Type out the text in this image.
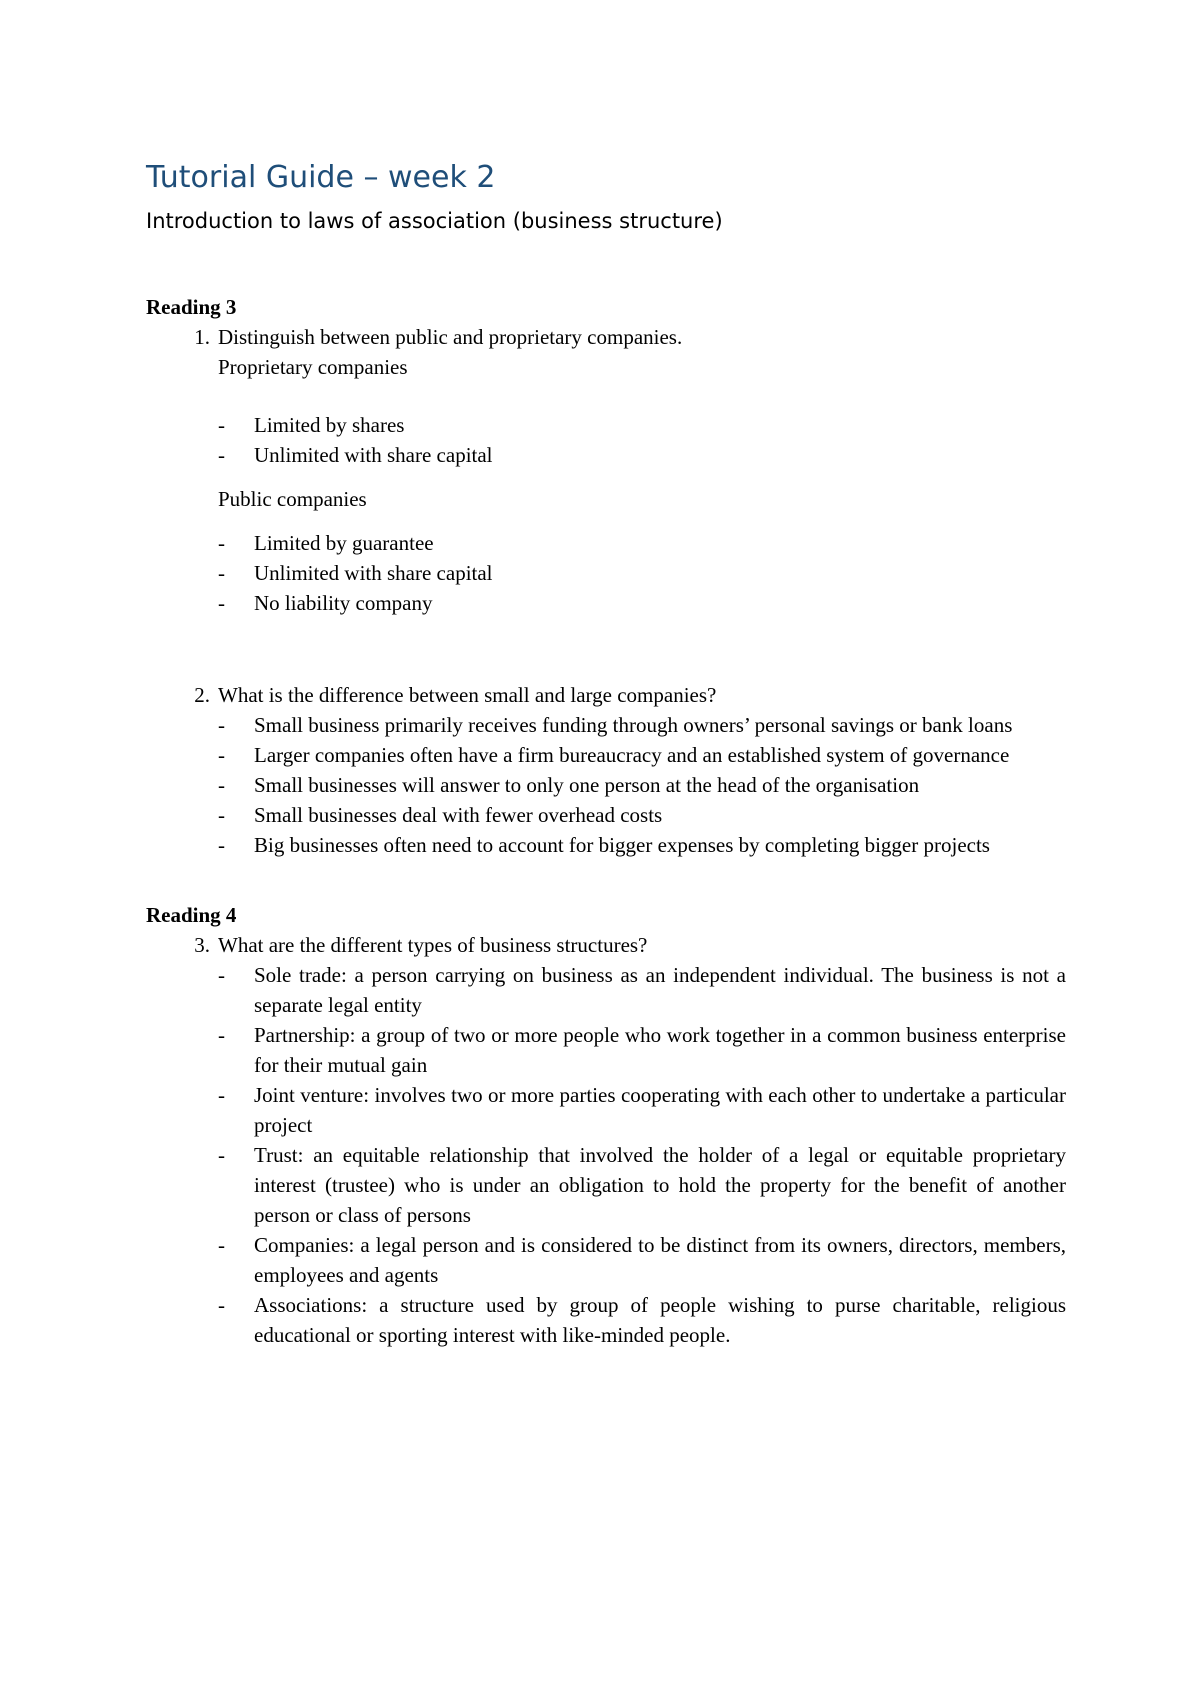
Tutorial Guide – week 2
Introduction to laws of association (business structure)

Reading 3

1. Distinguish between public and proprietary companies.
Proprietary companies
-	Limited by shares
-	Unlimited with share capital
Public companies
-	Limited by guarantee
-	Unlimited with share capital
-	No liability company
2. What is the difference between small and large companies?
-	Small business primarily receives funding through owners’ personal savings or bank loans
-	Larger companies often have a firm bureaucracy and an established system of governance
-	Small businesses will answer to only one person at the head of the organisation
-	Small businesses deal with fewer overhead costs
-	Big businesses often need to account for bigger expenses by completing bigger projects

Reading 4

3. What are the different types of business structures?
-	Sole trade: a person carrying on business as an independent individual. The business is not a separate legal entity
-	Partnership: a group of two or more people who work together in a common business enterprise for their mutual gain
-	Joint venture: involves two or more parties cooperating with each other to undertake a particular project
-	Trust: an equitable relationship that involved the holder of a legal or equitable proprietary interest (trustee) who is under an obligation to hold the property for the benefit of another person or class of persons
-	Companies: a legal person and is considered to be distinct from its owners, directors, members, employees and agents
-	Associations: a structure used by group of people wishing to purse charitable, religious educational or sporting interest with like-minded people.
